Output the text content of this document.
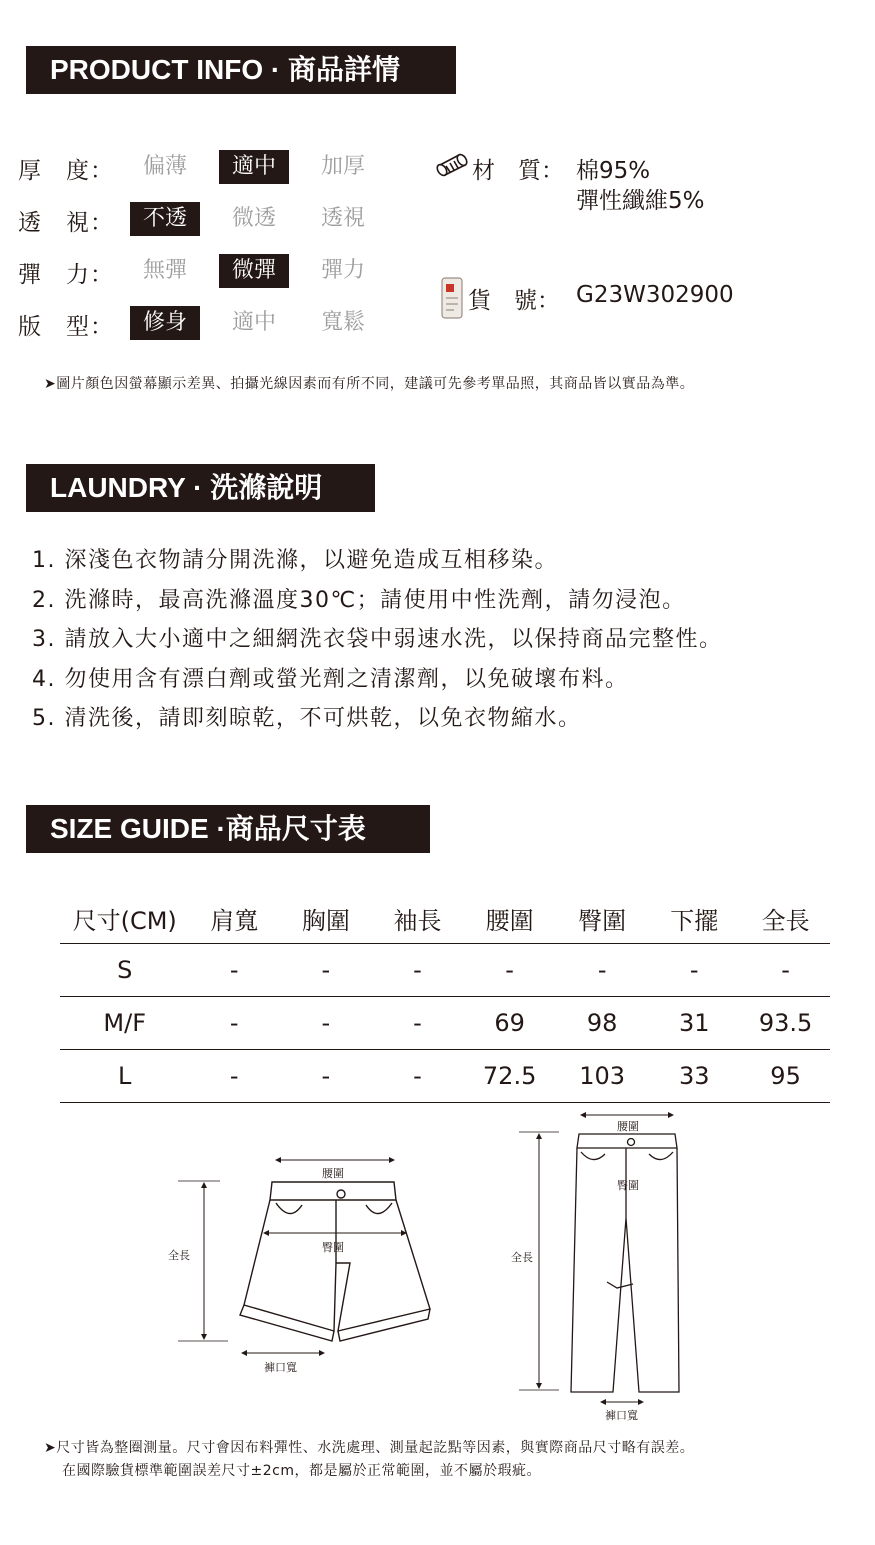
PRODUCT INFO · 商品詳情
厚　度：	偏薄	適中	加厚
透　視：	不透	微透	透視
彈　力：	無彈	微彈	彈力
版　型：	修身	適中	寬鬆
材　質： 棉95%
彈性纖維5%
貨　號： G23W302900
➤圖片顏色因螢幕顯示差異、拍攝光線因素而有所不同，建議可先參考單品照，其商品皆以實品為準。
LAUNDRY · 洗滌說明
1. 深淺色衣物請分開洗滌，以避免造成互相移染。
2. 洗滌時，最高洗滌溫度30℃；請使用中性洗劑，請勿浸泡。
3. 請放入大小適中之細網洗衣袋中弱速水洗，以保持商品完整性。
4. 勿使用含有漂白劑或螢光劑之清潔劑，以免破壞布料。
5. 清洗後，請即刻晾乾，不可烘乾，以免衣物縮水。
SIZE GUIDE ·商品尺寸表
尺寸(CM)	肩寬	胸圍	袖長	腰圍	臀圍	下擺	全長
S	-	-	-	-	-	-	-
M/F	-	-	-	69	98	31	93.5
L	-	-	-	72.5	103	33	95
腰圍
全長
臀圍
褲口寬
腰圍
全長
臀圍
褲口寬
➤尺寸皆為整圈測量。尺寸會因布料彈性、水洗處理、測量起訖點等因素，與實際商品尺寸略有誤差。
在國際驗貨標準範圍誤差尺寸±2cm，都是屬於正常範圍，並不屬於瑕疵。
